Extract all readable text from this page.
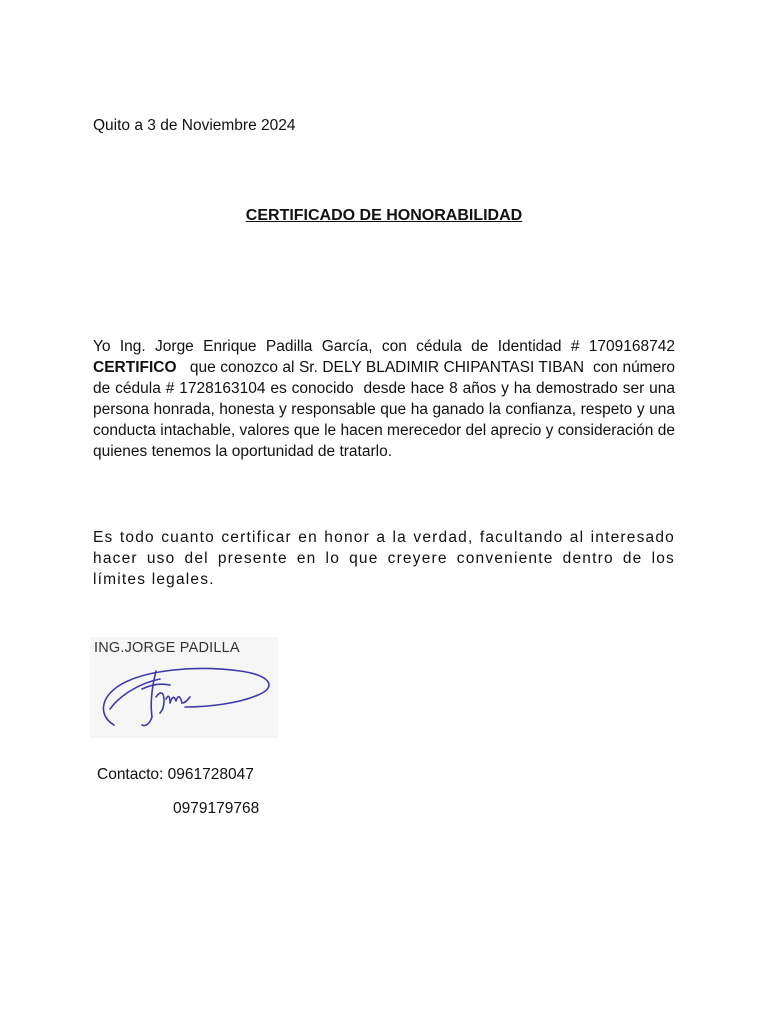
Quito a 3 de Noviembre 2024
CERTIFICADO DE HONORABILIDAD
Yo Ing. Jorge Enrique Padilla García, con cédula de Identidad # 1709168742 CERTIFICO   que conozco al Sr. DELY BLADIMIR CHIPANTASI TIBAN  con número de cédula # 1728163104 es conocido  desde hace 8 años y ha demostrado ser una persona honrada, honesta y responsable que ha ganado la confianza, respeto y una conducta intachable, valores que le hacen merecedor del aprecio y consideración de  quienes tenemos la oportunidad de tratarlo.
Es todo cuanto certificar en honor a la verdad, facultando al interesado hacer uso del presente en lo que creyere conveniente dentro de los límites legales.
ING.JORGE PADILLA
Contacto: 0961728047
0979179768
